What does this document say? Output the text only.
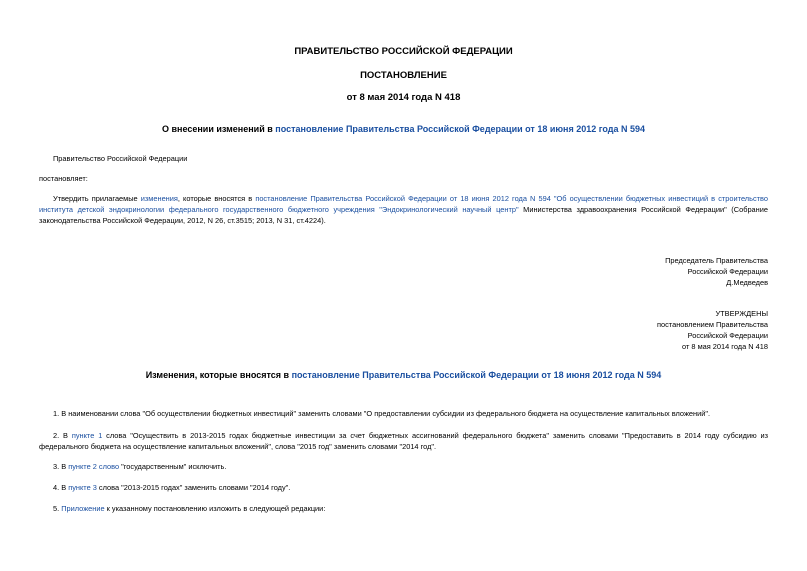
ПРАВИТЕЛЬСТВО РОССИЙСКОЙ ФЕДЕРАЦИИ
ПОСТАНОВЛЕНИЕ
от 8 мая 2014 года N 418
О внесении изменений в постановление Правительства Российской Федерации от 18 июня 2012 года N 594
Правительство Российской Федерации
постановляет:
Утвердить прилагаемые изменения, которые вносятся в постановление Правительства Российской Федерации от 18 июня 2012 года N 594 "Об осуществлении бюджетных инвестиций в строительство института детской эндокринологии федерального государственного бюджетного учреждения "Эндокринологический научный центр" Министерства здравоохранения Российской Федерации" (Собрание законодательства Российской Федерации, 2012, N 26, ст.3515; 2013, N 31, ст.4224).
Председатель Правительства
Российской Федерации
Д.Медведев
УТВЕРЖДЕНЫ
постановлением Правительства
Российской Федерации
от 8 мая 2014 года N 418
Изменения, которые вносятся в постановление Правительства Российской Федерации от 18 июня 2012 года N 594
1. В наименовании слова "Об осуществлении бюджетных инвестиций" заменить словами "О предоставлении субсидии из федерального бюджета на осуществление капитальных вложений".
2. В пункте 1 слова "Осуществить в 2013-2015 годах бюджетные инвестиции за счет бюджетных ассигнований федерального бюджета" заменить словами "Предоставить в 2014 году субсидию из федерального бюджета на осуществление капитальных вложений", слова "2015 год" заменить словами "2014 год".
3. В пункте 2 слово "государственным" исключить.
4. В пункте 3 слова "2013-2015 годах" заменить словами "2014 году".
5. Приложение к указанному постановлению изложить в следующей редакции:
